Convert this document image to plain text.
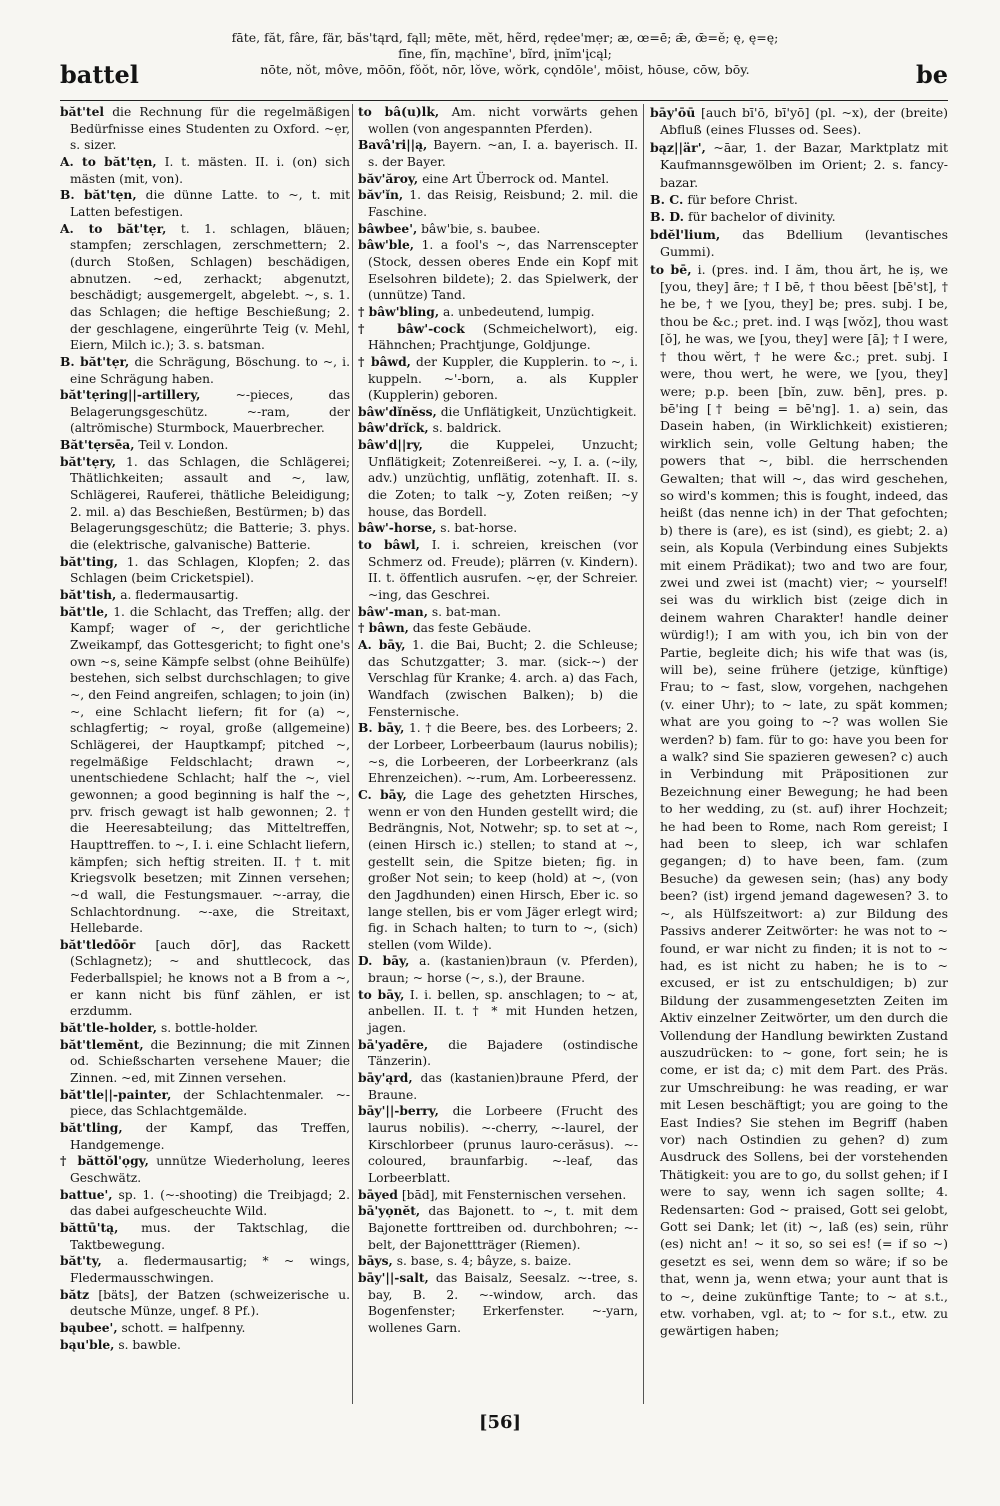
battel
fāte, făt, fâre, fär, băs'tąrd, fąll; mēte, mĕt, hẽrd, rędee'mẹr; æ, œ=ē; ǣ, œ̄=ĕ; ę, ę=ę;
fīne, fĭn, mạchīne', bĩrd, įnĭm'įcąl;
nōte, nŏt, môve, mōōn, fŏŏt, nōr, lŏve, wŏrk, cǫndōle', mōist, hōuse, cōw, bōy.	be
băt'tel die Rechnung für die regelmäßigen Bedürfnisse eines Studenten zu Oxford. ~ẹr, s. sizer.
A. to băt'tẹn, I. t. mästen. II. i. (on) sich mästen (mit, von).
B. băt'tẹn, die dünne Latte. to ~, t. mit Latten befestigen.
A. to băt'tẹr, t. 1. schlagen, bläuen; stampfen; zerschlagen, zerschmettern; 2. (durch Stoßen, Schlagen) beschädigen, abnutzen. ~ed, zerhackt; abgenutzt, beschädigt; ausgemergelt, abgelebt. ~, s. 1. das Schlagen; die heftige Beschießung; 2. der geschlagene, eingerührte Teig (v. Mehl, Eiern, Milch ic.); 3. s. batsman.
B. băt'tẹr, die Schrägung, Böschung. to ~, i. eine Schrägung haben.
băt'tẹring||-artillery,	~-pieces, das Belagerungsgeschütz. ~-ram, der (altrömische) Sturmbock, Mauerbrecher.
Băt'tẹrsēa, Teil v. London.
băt'tẹry, 1. das Schlagen, die Schlägerei; Thätlichkeiten; assault and ~, law, Schlägerei, Rauferei, thätliche Beleidigung; 2. mil. a) das Beschießen, Bestürmen; b) das Belagerungsgeschütz; die Batterie; 3. phys. die (elektrische, galvanische) Batterie.
băt'ting, 1. das Schlagen, Klopfen; 2. das Schlagen (beim Cricketspiel).
băt'tish, a. fledermausartig.
băt'tle, 1. die Schlacht, das Treffen; allg. der Kampf; wager of ~, der gerichtliche Zweikampf, das Gottesgericht; to fight one's own ~s, seine Kämpfe selbst (ohne Beihülfe) bestehen, sich selbst durchschlagen; to give ~, den Feind angreifen, schlagen; to join (in) ~, eine Schlacht liefern; fit for (a) ~, schlagfertig; ~ royal, große (allgemeine) Schlägerei, der Hauptkampf; pitched ~, regelmäßige Feldschlacht; drawn ~, unentschiedene Schlacht; half the ~, viel gewonnen; a good beginning is half the ~, prv. frisch gewagt ist halb gewonnen; 2. † die Heeresabteilung; das Mitteltreffen, Haupttreffen. to ~, I. i. eine Schlacht liefern, kämpfen; sich heftig streiten. II. † t. mit Kriegsvolk besetzen; mit Zinnen versehen; ~d wall, die Festungsmauer. ~-array, die Schlachtordnung. ~-axe, die Streitaxt, Hellebarde.
băt'tledōōr [auch dōr], das Rackett (Schlagnetz); ~ and shuttlecock, das Federballspiel; he knows not a B from a ~, er kann nicht bis fünf zählen, er ist erzdumm.
băt'tle-holder, s. bottle-holder.
băt'tlemĕnt, die Bezinnung; die mit Zinnen od. Schießscharten versehene Mauer; die Zinnen. ~ed, mit Zinnen versehen.
băt'tle||-painter, der Schlachtenmaler. ~-piece, das Schlachtgemälde.
băt'tling, der Kampf, das Treffen, Handgemenge.
† băttŏl'ọgy, unnütze Wiederholung, leeres Geschwätz.
battue', sp. 1. (~-shooting) die Treibjagd; 2. das dabei aufgescheuchte Wild.
băttū'tą, mus. der Taktschlag, die Taktbewegung.
băt'ty, a. fledermausartig; * ~ wings, Fledermausschwingen.
bătz [bäts], der Batzen (schweizerische u. deutsche Münze, ungef. 8 Pf.).
bąubee', schott. = halfpenny.
bąu'ble, s. bawble.
to bâ(u)lk, Am. nicht vorwärts gehen wollen (von angespannten Pferden).
Bavâ'ri||ą, Bayern. ~an, I. a. bayerisch. II. s. der Bayer.
băv'ăroy, eine Art Überrock od. Mantel.
băv'ĭn, 1. das Reisig, Reisbund; 2. mil. die Faschine.
bâwbee', bâw'bie, s. baubee.
bâw'ble, 1. a fool's ~, das Narrenscepter (Stock, dessen oberes Ende ein Kopf mit Eselsohren bildete); 2. das Spielwerk, der (unnütze) Tand.
† bâw'bling, a. unbedeutend, lumpig.
† bâw'-cock (Schmeichelwort), eig. Hähnchen; Prachtjunge, Goldjunge.
† bâwd, der Kuppler, die Kupplerin. to ~, i. kuppeln. ~'-born, a. als Kuppler (Kupplerin) geboren.
bâw'dĭnĕss, die Unflätigkeit, Unzüchtigkeit.
bâw'drĭck, s. baldrick.
bâw'd||ry, die Kuppelei, Unzucht; Unflätigkeit; Zotenreißerei. ~y, I. a. (~ily, adv.) unzüchtig, unflätig, zotenhaft. II. s. die Zoten; to talk ~y, Zoten reißen; ~y house, das Bordell.
bâw'-horse, s. bat-horse.
to bâwl, I. i. schreien, kreischen (vor Schmerz od. Freude); plärren (v. Kindern). II. t. öffentlich ausrufen. ~ẹr, der Schreier. ~ing, das Geschrei.
bâw'-man, s. bat-man.
† bâwn, das feste Gebäude.
A. bāy, 1. die Bai, Bucht; 2. die Schleuse; das Schutzgatter; 3. mar. (sick-~) der Verschlag für Kranke; 4. arch. a) das Fach, Wandfach (zwischen Balken); b) die Fensternische.
B. bāy, 1. † die Beere, bes. des Lorbeers; 2. der Lorbeer, Lorbeerbaum (laurus nobilis); ~s, die Lorbeeren, der Lorbeerkranz (als Ehrenzeichen). ~-rum, Am. Lorbeeressenz.
C. bāy, die Lage des gehetzten Hirsches, wenn er von den Hunden gestellt wird; die Bedrängnis, Not, Notwehr; sp. to set at ~, (einen Hirsch ic.) stellen; to stand at ~, gestellt sein, die Spitze bieten; fig. in großer Not sein; to keep (hold) at ~, (von den Jagdhunden) einen Hirsch, Eber ic. so lange stellen, bis er vom Jäger erlegt wird; fig. in Schach halten; to turn to ~, (sich) stellen (vom Wilde).
D. bāy, a. (kastanien)braun (v. Pferden), braun; ~ horse (~, s.), der Braune.
to bāy, I. i. bellen, sp. anschlagen; to ~ at, anbellen. II. t. † * mit Hunden hetzen, jagen.
bā'yadēre, die Bajadere (ostindische Tänzerin).
bāy'ąrd, das (kastanien)braune Pferd, der Braune.
bāy'||-berry, die Lorbeere (Frucht des laurus nobilis). ~-cherry, ~-laurel, der Kirschlorbeer (prunus lauro-cerăsus). ~-coloured, braunfarbig. ~-leaf, das Lorbeerblatt.
bāyed [bād], mit Fensternischen versehen.
bā'yọnĕt, das Bajonett. to ~, t. mit dem Bajonette forttreiben od. durchbohren; ~-belt, der Bajonettträger (Riemen).
bāys, s. base, s. 4; bâyze, s. baize.
bāy'||-salt, das Baisalz, Seesalz. ~-tree, s. bay, B. 2. ~-window, arch. das Bogenfenster; Erkerfenster. ~-yarn, wollenes Garn.
bāy'ōū [auch bī'ō, bī'yō] (pl. ~x), der (breite) Abfluß (eines Flusses od. Sees).
bąz||är', ~āar, 1. der Bazar, Marktplatz mit Kaufmannsgewölben im Orient; 2. s. fancy-bazar.
B. C. für before Christ.
B. D. für bachelor of divinity.
bdĕl'lium, das Bdellium (levantisches Gummi).
to bē, i. (pres. ind. I ăm, thou ărt, he iș, we [you, they] āre; † I bē, † thou bēest [bē'st], † he be, † we [you, they] be; pres. subj. I be, thou be &c.; pret. ind. I wąs [wŏz], thou wast [ŏ], he was, we [you, they] were [ā]; † I were, † thou wĕrt, † he were &c.; pret. subj. I were, thou wert, he were, we [you, they] were; p.p. been [bĭn, zuw. bēn], pres. p. bē'ing [† being = bē'ng]. 1. a) sein, das Dasein haben, (in Wirklichkeit) existieren; wirklich sein, volle Geltung haben; the powers that ~, bibl. die herrschenden Gewalten; that will ~, das wird geschehen, so wird's kommen; this is fought, indeed, das heißt (das nenne ich) in der That gefochten; b) there is (are), es ist (sind), es giebt; 2. a) sein, als Kopula (Verbindung eines Subjekts mit einem Prädikat); two and two are four, zwei und zwei ist (macht) vier; ~ yourself! sei was du wirklich bist (zeige dich in deinem wahren Charakter! handle deiner würdig!); I am with you, ich bin von der Partie, begleite dich; his wife that was (is, will be), seine frühere (jetzige, künftige) Frau; to ~ fast, slow, vorgehen, nachgehen (v. einer Uhr); to ~ late, zu spät kommen; what are you going to ~? was wollen Sie werden? b) fam. für to go: have you been for a walk? sind Sie spazieren gewesen? c) auch in Verbindung mit Präpositionen zur Bezeichnung einer Bewegung; he had been to her wedding, zu (st. auf) ihrer Hochzeit; he had been to Rome, nach Rom gereist; I had been to sleep, ich war schlafen gegangen; d) to have been, fam. (zum Besuche) da gewesen sein; (has) any body been? (ist) irgend jemand dagewesen? 3. to ~, als Hülfszeitwort: a) zur Bildung des Passivs anderer Zeitwörter: he was not to ~ found, er war nicht zu finden; it is not to ~ had, es ist nicht zu haben; he is to ~ excused, er ist zu entschuldigen; b) zur Bildung der zusammengesetzten Zeiten im Aktiv einzelner Zeitwörter, um den durch die Vollendung der Handlung bewirkten Zustand auszudrücken: to ~ gone, fort sein; he is come, er ist da; c) mit dem Part. des Präs. zur Umschreibung: he was reading, er war mit Lesen beschäftigt; you are going to the East Indies? Sie stehen im Begriff (haben vor) nach Ostindien zu gehen? d) zum Ausdruck des Sollens, bei der vorstehenden Thätigkeit: you are to go, du sollst gehen; if I were to say, wenn ich sagen sollte; 4. Redensarten: God ~ praised, Gott sei gelobt, Gott sei Dank; let (it) ~, laß (es) sein, rühr (es) nicht an! ~ it so, so sei es! (= if so ~) gesetzt es sei, wenn dem so wäre; if so be that, wenn ja, wenn etwa; your aunt that is to ~, deine zukünftige Tante; to ~ at s.t., etw. vorhaben, vgl. at; to ~ for s.t., etw. zu gewärtigen haben;
[56]
